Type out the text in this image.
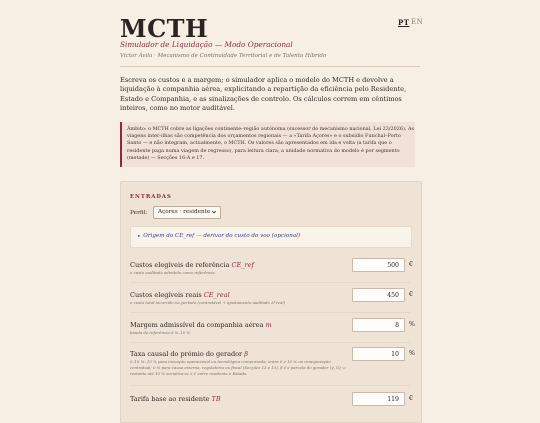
MCTH	PT EN
Simulador de Liquidação — Modo Operacional
Victor Ávila · Mecanismo de Continuidade Territorial e de Talento Híbrido
Escreva os custos e a margem; o simulador aplica o modelo do MCTH e devolve a liquidação à companhia aérea, explicitando a repartição da eficiência pelo Residente, Estado e Companhia, e as sinalizações de controlo. Os cálculos correm em cêntimos inteiros, como no motor auditável.
Âmbito: o MCTH cobre as ligações continente–região autónoma (sucessor do mecanismo nacional, Lei 23/2026). As viagens inter-ilhas são competência dos orçamentos regionais — a «Tarifa Açores» e o subsídio Funchal–Porto Santo — e não integram, actualmente, o MCTH. Os valores são apresentados em ida e volta (a tarifa que o residente paga numa viagem de regresso), para leitura clara; a unidade normativa do modelo é por segmento (metade) — Secções 16-A e 17.
ENTRADAS
Perfil:	Açores · residente
▸ Origem do CE_ref — derivar do custo do voo (opcional)
Custos elegíveis de referência CE_ref
o custo auditado admitido como referência
500	€
Custos elegíveis reais CE_real
o custo total incorrido no período (contratável + ajustamento auditado Δ*real)
450	€
Margem admissível da companhia aérea m
banda de referência 6 %–10 %
8	%
Taxa causal do prémio do gerador β
0–10 %: 10 % para inovação operacional ou tecnológica comprovada; entre 0 e 10 % na renegociação contratual; 0 % para causa externa, regulatória ou fiscal (Secções 13 e 15). β é a parcela do gerador (γ, G); o restante até 10 % socializa-se 2:1 entre residente e Estado.
10	%
Tarifa base ao residente TB	119	€
